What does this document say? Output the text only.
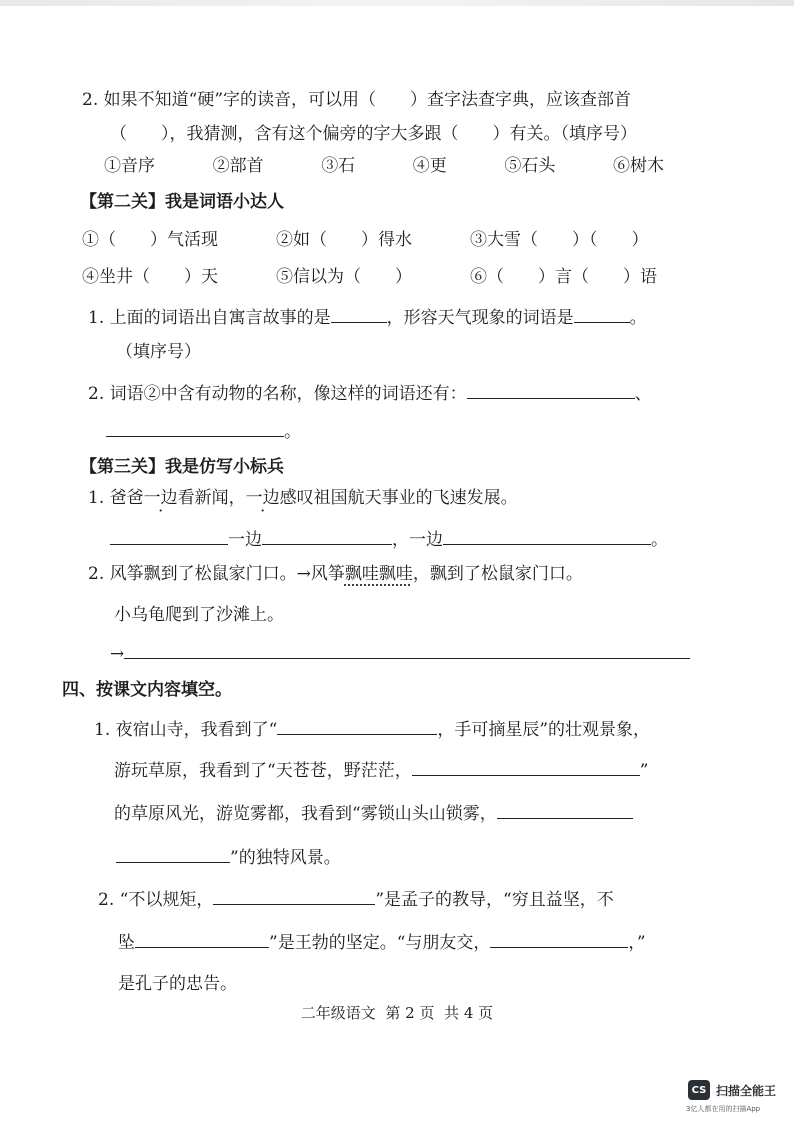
2. 如果不知道“硬”字的读音，可以用（　　）查字法查字典，应该查部首
（　　），我猜测，含有这个偏旁的字大多跟（　　）有关。（填序号）
①音序	②部首	③石	④更	⑤石头	⑥树木
【第二关】我是词语小达人
①（　　）气活现	②如（　　）得水	③大雪（　　）（　　）
④坐井（　　）天	⑤信以为（　　）	⑥（　　）言（　　）语
1. 上面的词语出自寓言故事的是	，形容天气现象的词语是	。
（填序号）
2. 词语②中含有动物的名称，像这样的词语还有：	、
。
【第三关】我是仿写小标兵
1. 爸爸一边看新闻，一边感叹祖国航天事业的飞速发展。
一边	，一边	。
2. 风筝飘到了松鼠家门口。→风筝飘哇飘哇，飘到了松鼠家门口。
小乌龟爬到了沙滩上。
→
四、按课文内容填空。
1. 夜宿山寺，我看到了“	，手可摘星辰”的壮观景象，
游玩草原，我看到了“天苍苍，野茫茫，	”
的草原风光，游览雾都，我看到“雾锁山头山锁雾，
”的独特风景。
2. “不以规矩，	”是孟子的教导，“穷且益坚，不
坠	”是王勃的坚定。“与朋友交，	，”
是孔子的忠告。
二年级语文 第 2 页 共 4 页
CS 扫描全能王
3亿人都在用的扫描App
